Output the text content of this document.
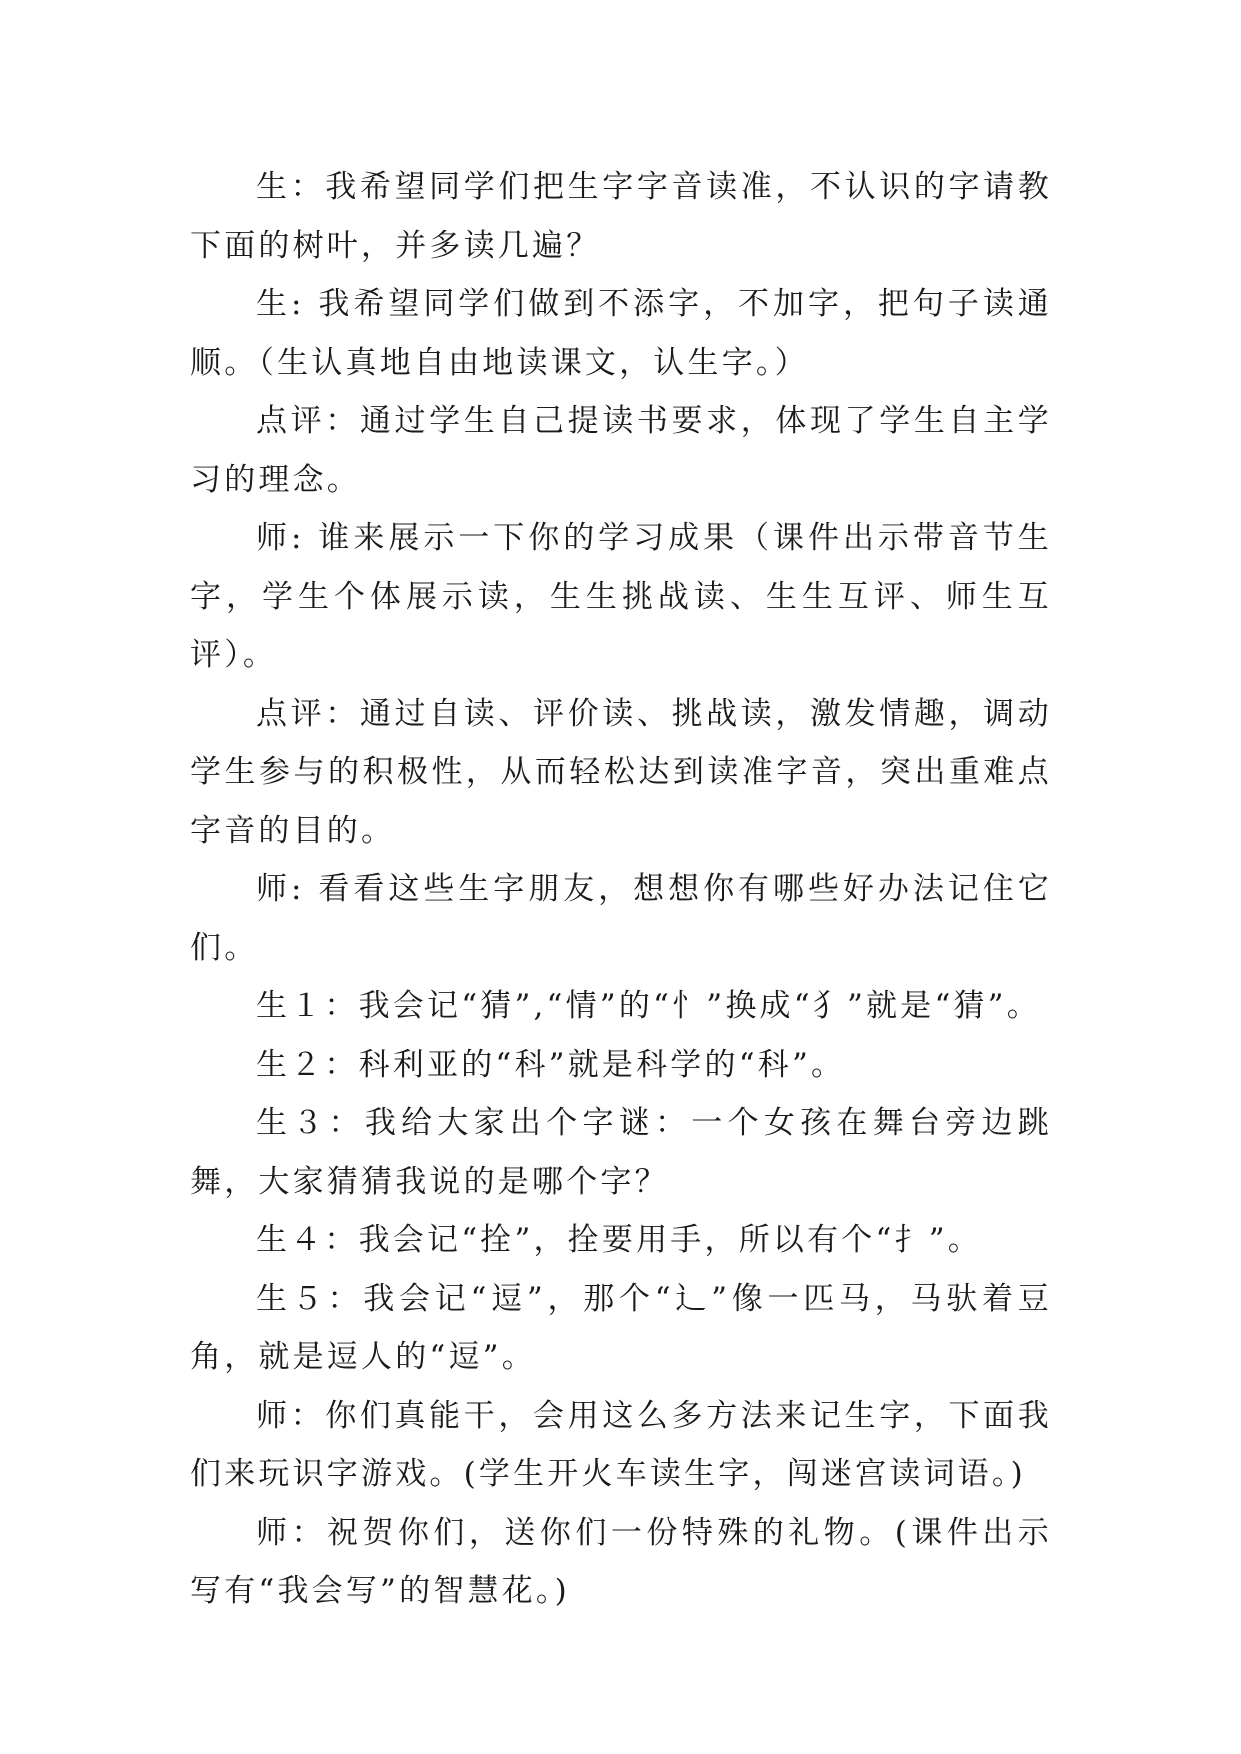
生：我希望同学们把生字字音读准，不认识的字请教下面的树叶，并多读几遍？

生: 我希望同学们做到不添字，不加字，把句子读通顺。（生认真地自由地读课文，认生字。）

点评：通过学生自己提读书要求，体现了学生自主学习的理念。

师: 谁来展示一下你的学习成果（课件出示带音节生字，学生个体展示读，生生挑战读、生生互评、师生互评）。

点评：通过自读、评价读、挑战读，激发情趣，调动学生参与的积极性，从而轻松达到读准字音，突出重难点字音的目的。

师: 看看这些生字朋友，想想你有哪些好办法记住它们。

生１：我会记“猜”,“情”的“忄”换成“犭”就是“猜”。

生２：科利亚的“科”就是科学的“科”。

生３：我给大家出个字谜：一个女孩在舞台旁边跳舞，大家猜猜我说的是哪个字？

生４：我会记“拴”，拴要用手，所以有个“扌”。

生５：我会记“逗”，那个“辶”像一匹马，马驮着豆角，就是逗人的“逗”。

师：你们真能干，会用这么多方法来记生字，下面我们来玩识字游戏。(学生开火车读生字，闯迷宫读词语。)

师：祝贺你们，送你们一份特殊的礼物。(课件出示写有“我会写”的智慧花。)
